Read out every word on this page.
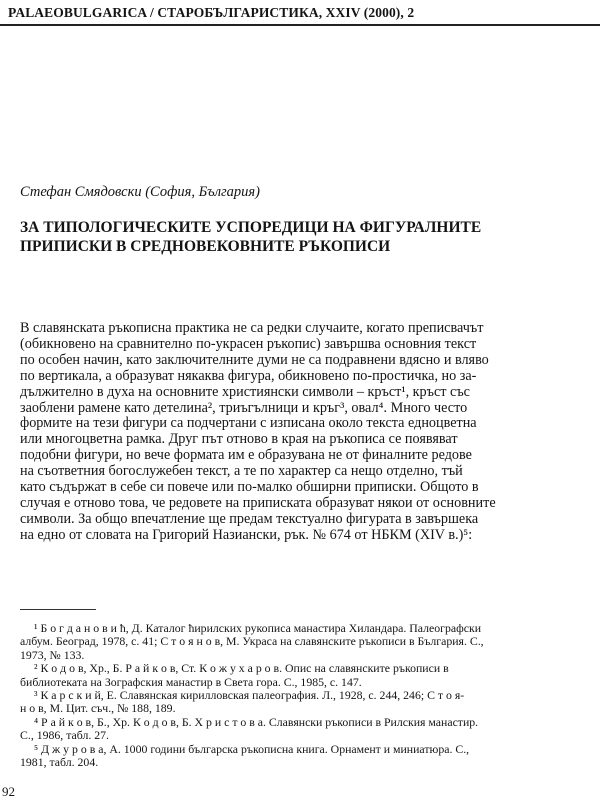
PALAEOBULGARICA / СТАРОБЪЛГАРИСТИКА, XXIV (2000), 2
Стефан Смядовски (София, България)
ЗА ТИПОЛОГИЧЕСКИТЕ УСПОРЕДИЦИ НА ФИГУРАЛНИТЕ
ПРИПИСКИ В СРЕДНОВЕКОВНИТЕ РЪКОПИСИ
В славянската ръкописна практика не са редки случаите, когато преписвачът
(обикновено на сравнително по-украсен ръкопис) завършва основния текст
по особен начин, като заключителните думи не са подравнени вдясно и вляво
по вертикала, а образуват някаква фигура, обикновено по-простичка, но за-
дължително в духа на основните християнски символи – кръст¹, кръст със
заоблени рамене като детелина², триъгълници и кръг³, овал⁴. Много често
формите на тези фигури са подчертани с изписана около текста едноцветна
или многоцветна рамка. Друг път отново в края на ръкописа се появяват
подобни фигури, но вече формата им е образувана не от финалните редове
на съответния богослужебен текст, а те по характер са нещо отделно, тъй
като съдържат в себе си повече или по-малко обширни приписки. Общото в
случая е отново това, че редовете на приписката образуват някои от основните
символи. За общо впечатление ще предам текстуално фигурата в завършека
на едно от словата на Григорий Назиански, рък. № 674 от НБКМ (XIV в.)⁵:
¹ Б о г д а н о в и ћ, Д. Каталог ћирилских рукописа манастира Хиландара. Палеографски
албум. Београд, 1978, с. 41; С т о я н о в, М. Украса на славянските ръкописи в България. С.,
1973, № 133.
² К о д о в, Хр., Б. Р а й к о в, Ст. К о ж у х а р о в. Опис на славянските ръкописи в
библиотеката на Зографския манастир в Света гора. С., 1985, с. 147.
³ К а р с к и й, Е. Славянская кирилловская палеография. Л., 1928, с. 244, 246; С т о я-
н о в, М. Цит. съч., № 188, 189.
⁴ Р а й к о в, Б., Хр. К о д о в, Б. Х р и с т о в а. Славянски ръкописи в Рилския манастир.
С., 1986, табл. 27.
⁵ Д ж у р о в а, А. 1000 години българска ръкописна книга. Орнамент и миниатюра. С.,
1981, табл. 204.
92
